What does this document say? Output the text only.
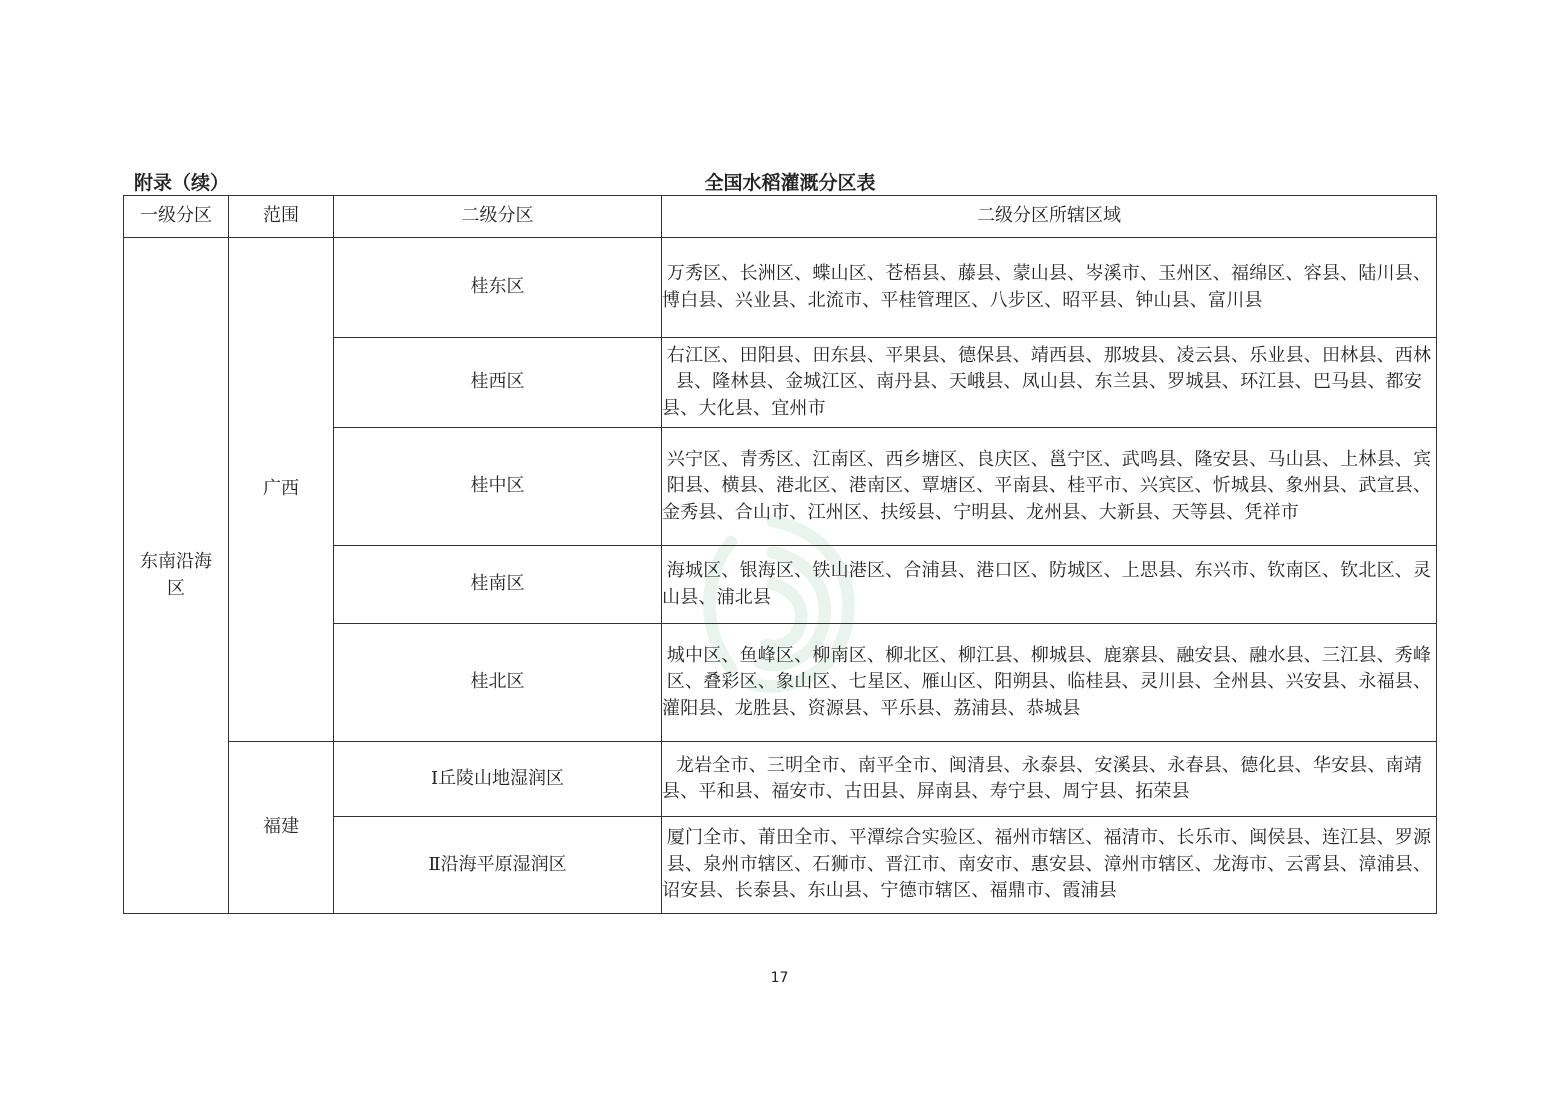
附录（续）	全国水稻灌溉分区表
一级分区	范围	二级分区	二级分区所辖区域
东南沿海区	广西	桂东区	万秀区、长洲区、蝶山区、苍梧县、藤县、蒙山县、岑溪市、玉州区、福绵区、容县、陆川县、博白县、兴业县、北流市、平桂管理区、八步区、昭平县、钟山县、富川县
		桂西区	右江区、田阳县、田东县、平果县、德保县、靖西县、那坡县、凌云县、乐业县、田林县、西林县、隆林县、金城江区、南丹县、天峨县、凤山县、东兰县、罗城县、环江县、巴马县、都安县、大化县、宜州市
		桂中区	兴宁区、青秀区、江南区、西乡塘区、良庆区、邕宁区、武鸣县、隆安县、马山县、上林县、宾阳县、横县、港北区、港南区、覃塘区、平南县、桂平市、兴宾区、忻城县、象州县、武宣县、金秀县、合山市、江州区、扶绥县、宁明县、龙州县、大新县、天等县、凭祥市
		桂南区	海城区、银海区、铁山港区、合浦县、港口区、防城区、上思县、东兴市、钦南区、钦北区、灵山县、浦北县
		桂北区	城中区、鱼峰区、柳南区、柳北区、柳江县、柳城县、鹿寨县、融安县、融水县、三江县、秀峰区、叠彩区、象山区、七星区、雁山区、阳朔县、临桂县、灵川县、全州县、兴安县、永福县、灌阳县、龙胜县、资源县、平乐县、荔浦县、恭城县
	福建	Ⅰ丘陵山地湿润区	龙岩全市、三明全市、南平全市、闽清县、永泰县、安溪县、永春县、德化县、华安县、南靖县、平和县、福安市、古田县、屏南县、寿宁县、周宁县、拓荣县
		Ⅱ沿海平原湿润区	厦门全市、莆田全市、平潭综合实验区、福州市辖区、福清市、长乐市、闽侯县、连江县、罗源县、泉州市辖区、石狮市、晋江市、南安市、惠安县、漳州市辖区、龙海市、云霄县、漳浦县、诏安县、长泰县、东山县、宁德市辖区、福鼎市、霞浦县
17
